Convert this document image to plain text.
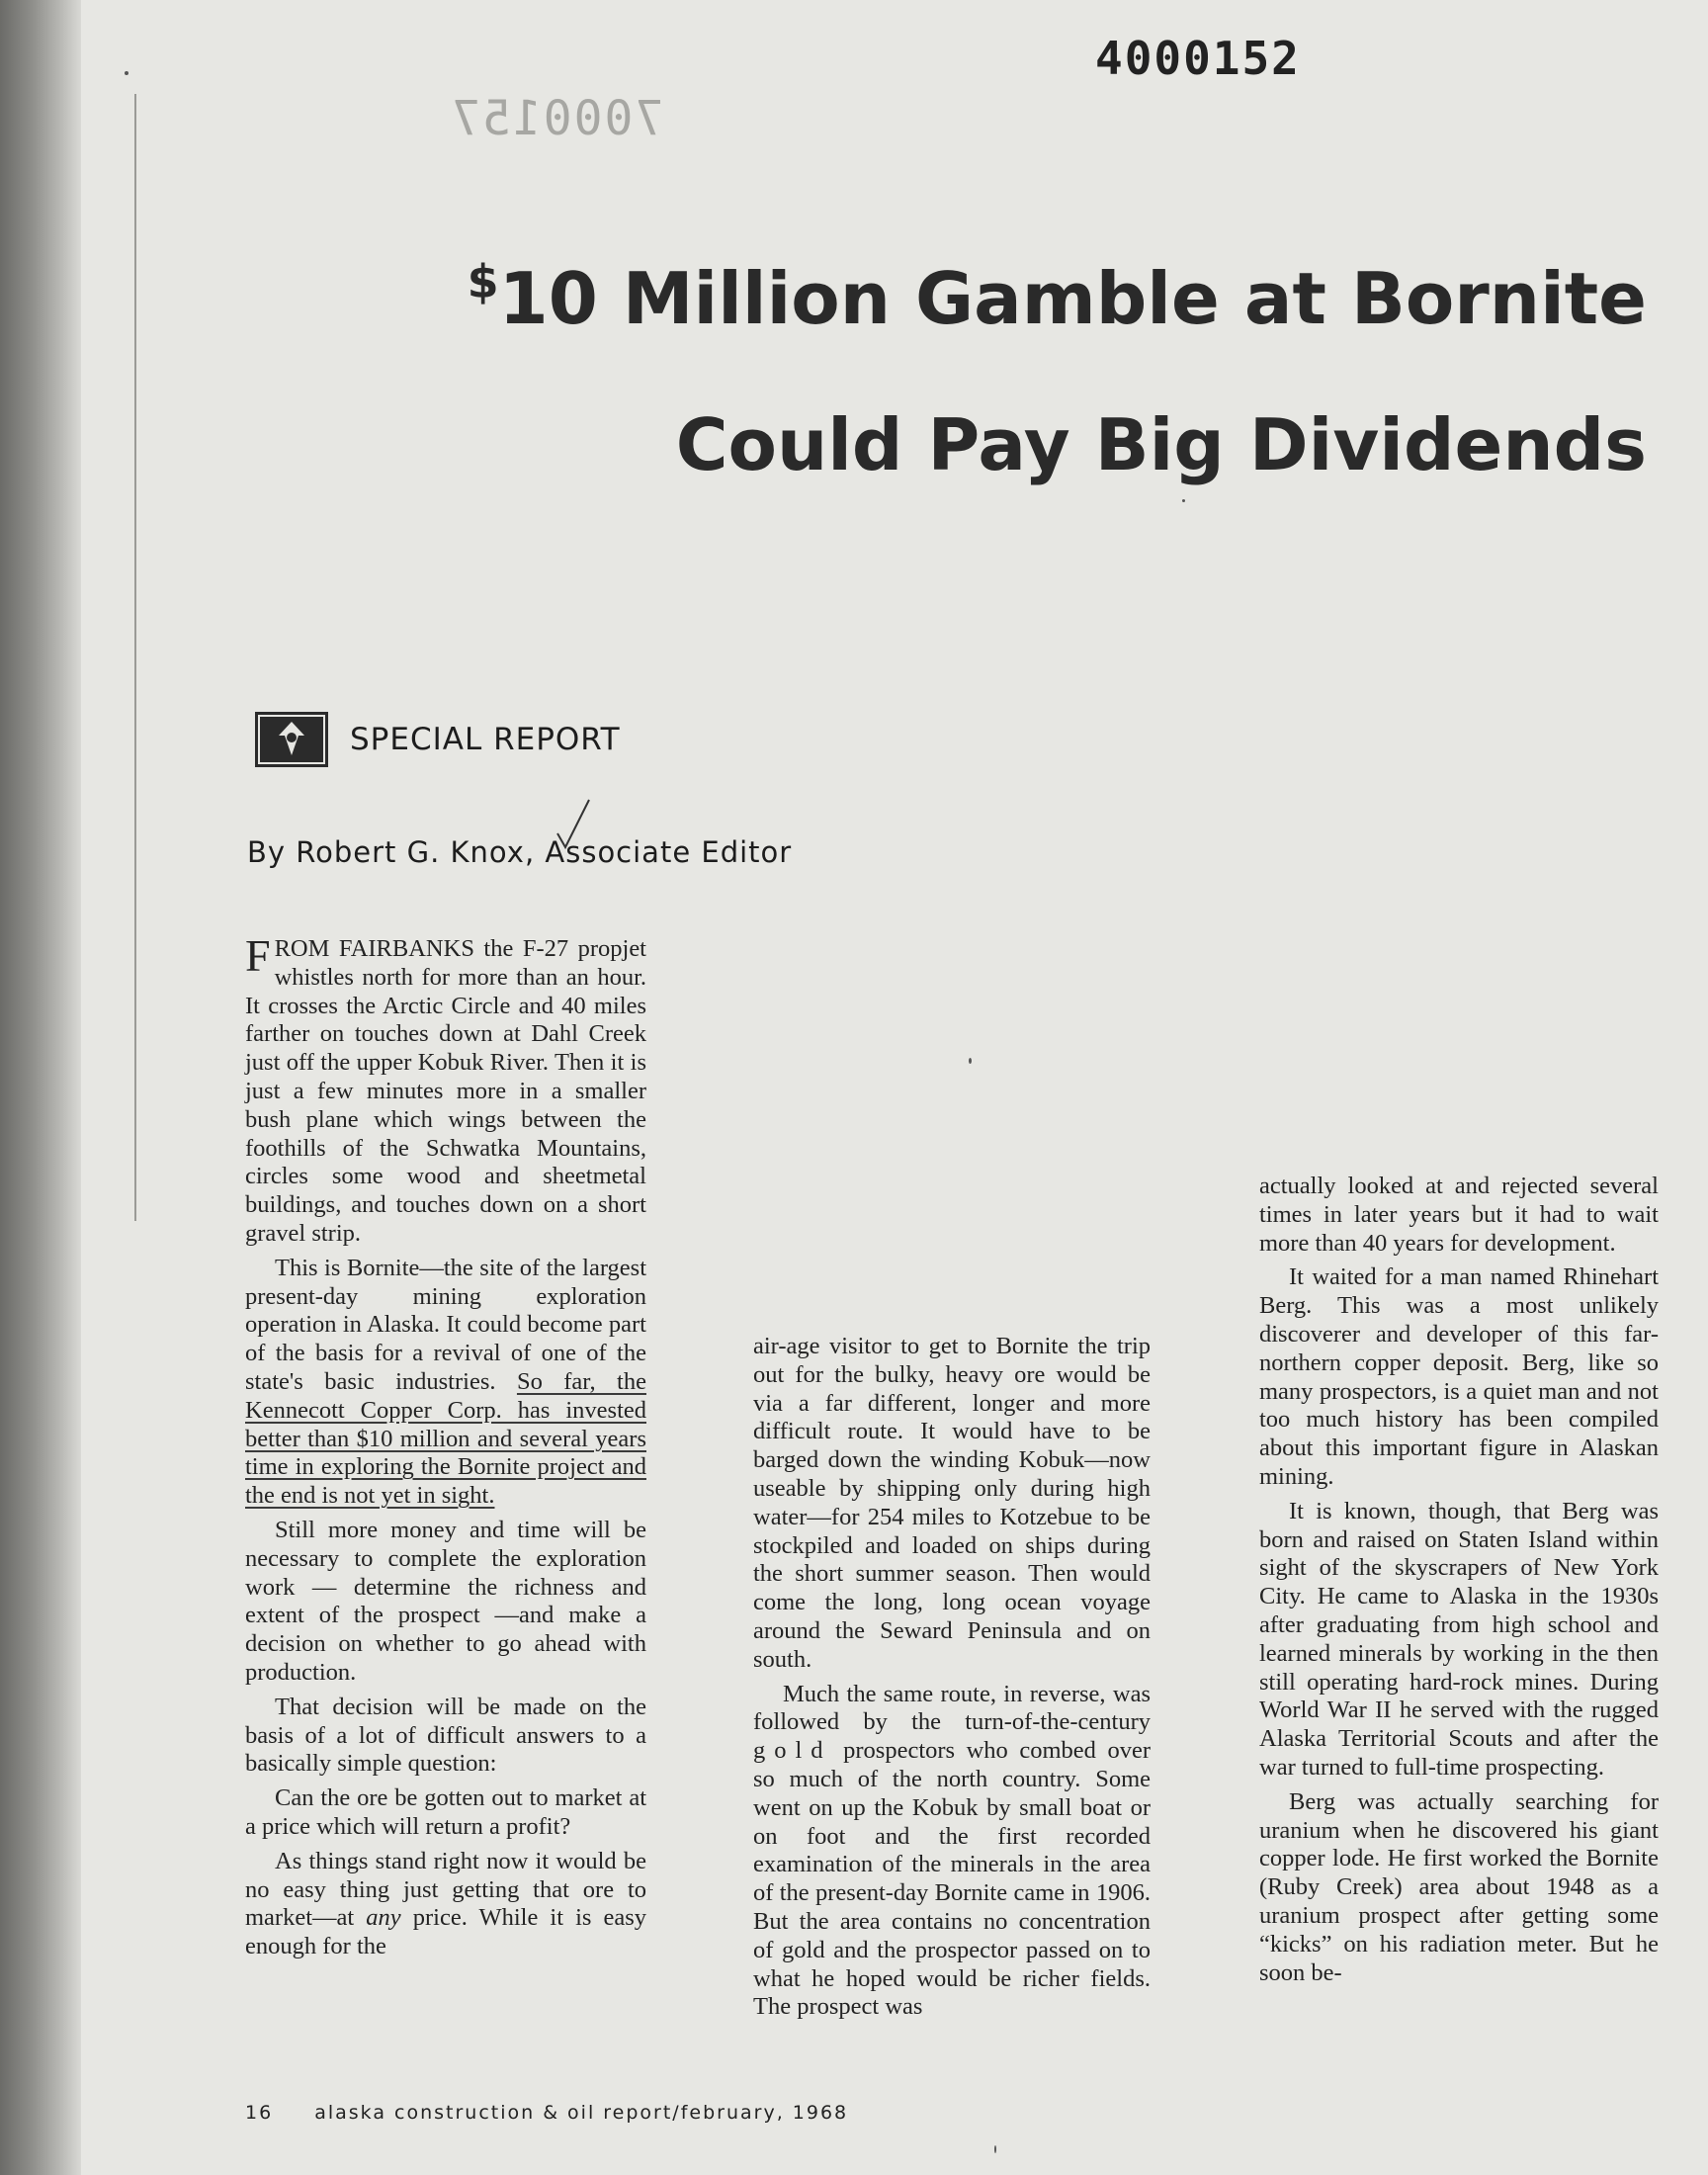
4000152
7000157
$10 Million Gamble at Bornite
Could Pay Big Dividends
SPECIAL REPORT
By Robert G. Knox, Associate Editor

FROM FAIRBANKS the F-27 propjet whistles north for more than an hour. It crosses the Arctic Circle and 40 miles farther on touches down at Dahl Creek just off the upper Kobuk River. Then it is just a few minutes more in a smaller bush plane which wings between the foothills of the Schwatka Mountains, circles some wood and sheetmetal buildings, and touches down on a short gravel strip.

This is Bornite—the site of the largest present-day mining exploration operation in Alaska. It could become part of the basis for a revival of one of the state's basic industries. So far, the Kennecott Copper Corp. has invested better than $10 million and several years time in exploring the Bornite project and the end is not yet in sight.

Still more money and time will be necessary to complete the exploration work — determine the richness and extent of the prospect —and make a decision on whether to go ahead with production.

That decision will be made on the basis of a lot of difficult answers to a basically simple question:

Can the ore be gotten out to market at a price which will return a profit?

As things stand right now it would be no easy thing just getting that ore to market—at any price. While it is easy enough for the

air-age visitor to get to Bornite the trip out for the bulky, heavy ore would be via a far different, longer and more difficult route. It would have to be barged down the winding Kobuk—now useable by shipping only during high water—for 254 miles to Kotzebue to be stockpiled and loaded on ships during the short summer season. Then would come the long, long ocean voyage around the Seward Peninsula and on south.

Much the same route, in reverse, was followed by the turn-of-the-century gold prospectors who combed over so much of the north country. Some went on up the Kobuk by small boat or on foot and the first recorded examination of the minerals in the area of the present-day Bornite came in 1906. But the area contains no concentration of gold and the prospector passed on to what he hoped would be richer fields. The prospect was

actually looked at and rejected several times in later years but it had to wait more than 40 years for development.

It waited for a man named Rhinehart Berg. This was a most unlikely discoverer and developer of this far-northern copper deposit. Berg, like so many prospectors, is a quiet man and not too much history has been compiled about this important figure in Alaskan mining.

It is known, though, that Berg was born and raised on Staten Island within sight of the skyscrapers of New York City. He came to Alaska in the 1930s after graduating from high school and learned minerals by working in the then still operating hard-rock mines. During World War II he served with the rugged Alaska Territorial Scouts and after the war turned to full-time prospecting.

Berg was actually searching for uranium when he discovered his giant copper lode. He first worked the Bornite (Ruby Creek) area about 1948 as a uranium prospect after getting some “kicks” on his radiation meter. But he soon be-

16 alaska construction & oil report/february, 1968
